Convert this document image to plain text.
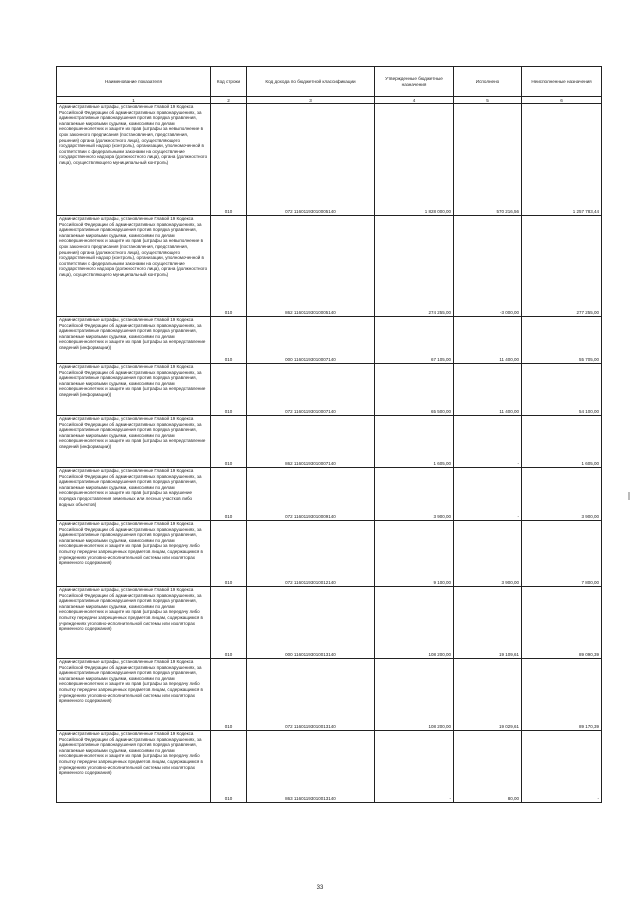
Наименование показателя	Код строки	Код дохода по бюджетной классификации	Утвержденные бюджетные назначения	Исполнено	Неисполненные назначения
1	2	3	4	5	6
Административные штрафы, установленные Главой 19 Кодекса Российской Федерации об административных правонарушениях, за административные правонарушения против порядка управления, налагаемые мировыми судьями, комиссиями по делам несовершеннолетних и защите их прав (штрафы за невыполнение в срок законного предписания (постановления, представления, решения) органа (должностного лица), осуществляющего государственный надзор (контроль), организации, уполномоченной в соответствии с федеральными законами на осуществление государственного надзора (должностного лица), органа (должностного лица), осуществляющего муниципальный контроль)	010	072 11601193010005140	1 828 000,00	570 216,56	1 257 783,44
Административные штрафы, установленные Главой 19 Кодекса Российской Федерации об административных правонарушениях, за административные правонарушения против порядка управления, налагаемые мировыми судьями, комиссиями по делам несовершеннолетних и защите их прав (штрафы за невыполнение в срок законного предписания (постановления, представления, решения) органа (должностного лица), осуществляющего государственный надзор (контроль), организации, уполномоченной в соответствии с федеральными законами на осуществление государственного надзора (должностного лица), органа (должностного лица), осуществляющего муниципальный контроль)	010	862 11601193010005140	274 255,00	-3 000,00	277 255,00
Административные штрафы, установленные Главой 19 Кодекса Российской Федерации об административных правонарушениях, за административные правонарушения против порядка управления, налагаемые мировыми судьями, комиссиями по делам несовершеннолетних и защите их прав (штрафы за непредставление сведений (информации))	010	000 11601193010007140	67 105,00	11 400,00	55 705,00
Административные штрафы, установленные Главой 19 Кодекса Российской Федерации об административных правонарушениях, за административные правонарушения против порядка управления, налагаемые мировыми судьями, комиссиями по делам несовершеннолетних и защите их прав (штрафы за непредставление сведений (информации))	010	072 11601193010007140	65 500,00	11 400,00	54 100,00
Административные штрафы, установленные Главой 19 Кодекса Российской Федерации об административных правонарушениях, за административные правонарушения против порядка управления, налагаемые мировыми судьями, комиссиями по делам несовершеннолетних и защите их прав (штрафы за непредставление сведений (информации))	010	862 11601193010007140	1 605,00	-	1 605,00
Административные штрафы, установленные Главой 19 Кодекса Российской Федерации об административных правонарушениях, за административные правонарушения против порядка управления, налагаемые мировыми судьями, комиссиями по делам несовершеннолетних и защите их прав (штрафы за нарушение порядка предоставления земельных или лесных участков либо водных объектов)	010	072 11601193010009140	3 900,00	-	3 900,00
Административные штрафы, установленные Главой 19 Кодекса Российской Федерации об административных правонарушениях, за административные правонарушения против порядка управления, налагаемые мировыми судьями, комиссиями по делам несовершеннолетних и защите их прав (штрафы за передачу либо попытку передачи запрещенных предметов лицам, содержащимся в учреждениях уголовно-исполнительной системы или изоляторах временного содержания)	010	072 11601193010012140	9 100,00	3 900,00	7 800,00
Административные штрафы, установленные Главой 19 Кодекса Российской Федерации об административных правонарушениях, за административные правонарушения против порядка управления, налагаемые мировыми судьями, комиссиями по делам несовершеннолетних и защите их прав (штрафы за передачу либо попытку передачи запрещенных предметов лицам, содержащимся в учреждениях уголовно-исполнительной системы или изоляторах временного содержания)	010	000 11601193010013140	108 200,00	19 109,61	89 090,39
Административные штрафы, установленные Главой 19 Кодекса Российской Федерации об административных правонарушениях, за административные правонарушения против порядка управления, налагаемые мировыми судьями, комиссиями по делам несовершеннолетних и защите их прав (штрафы за передачу либо попытку передачи запрещенных предметов лицам, содержащимся в учреждениях уголовно-исполнительной системы или изоляторах временного содержания)	010	072 11601193010013140	108 200,00	19 029,61	89 170,39
Административные штрафы, установленные Главой 19 Кодекса Российской Федерации об административных правонарушениях, за административные правонарушения против порядка управления, налагаемые мировыми судьями, комиссиями по делам несовершеннолетних и защите их прав (штрафы за передачу либо попытку передачи запрещенных предметов лицам, содержащимся в учреждениях уголовно-исполнительной системы или изоляторах временного содержания)	010	863 11601193010013140	-	80,00	-
33
